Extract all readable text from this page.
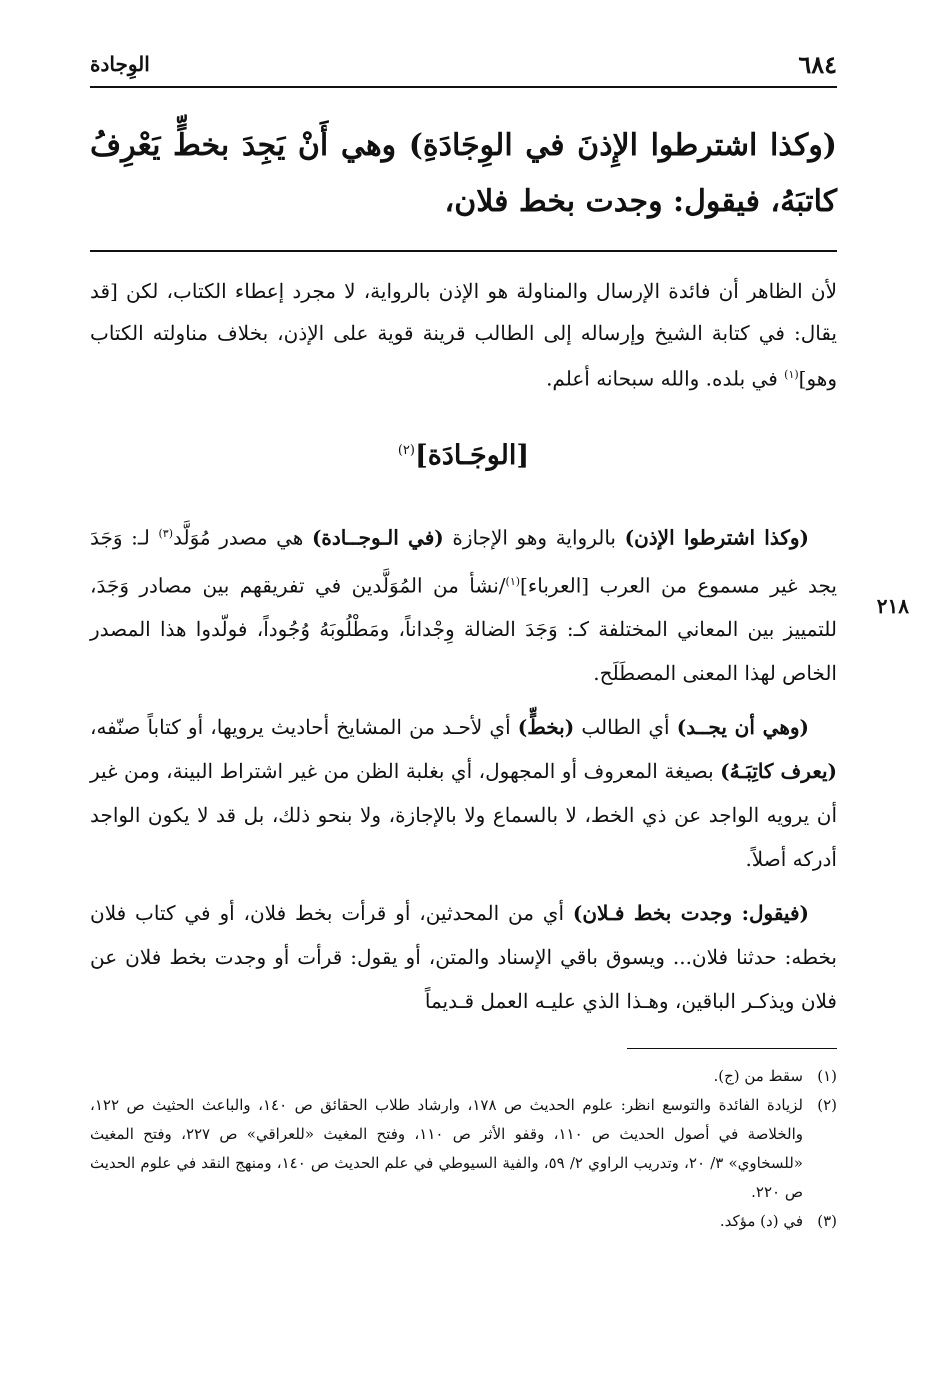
٦٨٤
الوِجادة
(وكذا اشترطوا الإِذنَ في الوِجَادَةِ) وهي أَنْ يَجِدَ بخطٍّ يَعْرِفُ كاتبَهُ، فيقول: وجدت بخط فلان،
لأن الظاهر أن فائدة الإرسال والمناولة هو الإذن بالرواية، لا مجرد إعطاء الكتاب، لكن [قد يقال: في كتابة الشيخ وإرساله إلى الطالب قرينة قوية على الإذن، بخلاف مناولته الكتاب وهو]$^{(١)}$ في بلده. والله سبحانه أعلم.
[الوجَـادَة]$^{(٢)}$
٢١٨

(وكذا اشترطوا الإذن) بالرواية وهو الإجازة (في الـوجــادة) هي مصدر مُوَلَّد$^{(٣)}$ لـ: وَجَدَ يجد غير مسموع من العرب [العرباء]$^{(١)}$/نشأ من المُوَلَّدين في تفريقهم بين مصادر وَجَدَ، للتمييز بين المعاني المختلفة كـ: وَجَدَ الضالة وِجْداناً، ومَطْلُوبَهُ وُجُوداً، فولّدوا هذا المصدر الخاص لهذا المعنى المصطَلَح.

(وهي أن يجــد) أي الطالب (بخطٍّ) أي لأحـد من المشايخ أحاديث يرويها، أو كتاباً صنّفه، (يعرف كاتِبَـهُ) بصيغة المعروف أو المجهول، أي بغلبة الظن من غير اشتراط البينة، ومن غير أن يرويه الواجد عن ذي الخط، لا بالسماع ولا بالإجازة، ولا بنحو ذلك، بل قد لا يكون الواجد أدركه أصلاً.

(فيقول: وجدت بخط فـلان) أي من المحدثين، أو قرأت بخط فلان، أو في كتاب فلان بخطه: حدثنا فلان... ويسوق باقي الإسناد والمتن، أو يقول: قرأت أو وجدت بخط فلان عن فلان ويذكـر الباقين، وهـذا الذي عليـه العمل قـديماً

(١)
سقط من (ج).
(٢)
لزيادة الفائدة والتوسع انظر: علوم الحديث ص ١٧٨، وارشاد طلاب الحقائق ص ١٤٠، والباعث الحثيث ص ١٢٢، والخلاصة في أصول الحديث ص ١١٠، وقفو الأثر ص ١١٠، وفتح المغيث «للعراقي» ص ٢٢٧، وفتح المغيث «للسخاوي» ٣/ ٢٠، وتدريب الراوي ٢/ ٥٩، والفية السيوطي في علم الحديث ص ١٤٠، ومنهج النقد في علوم الحديث ص ٢٢٠.
(٣)
في (د) مؤكد.
